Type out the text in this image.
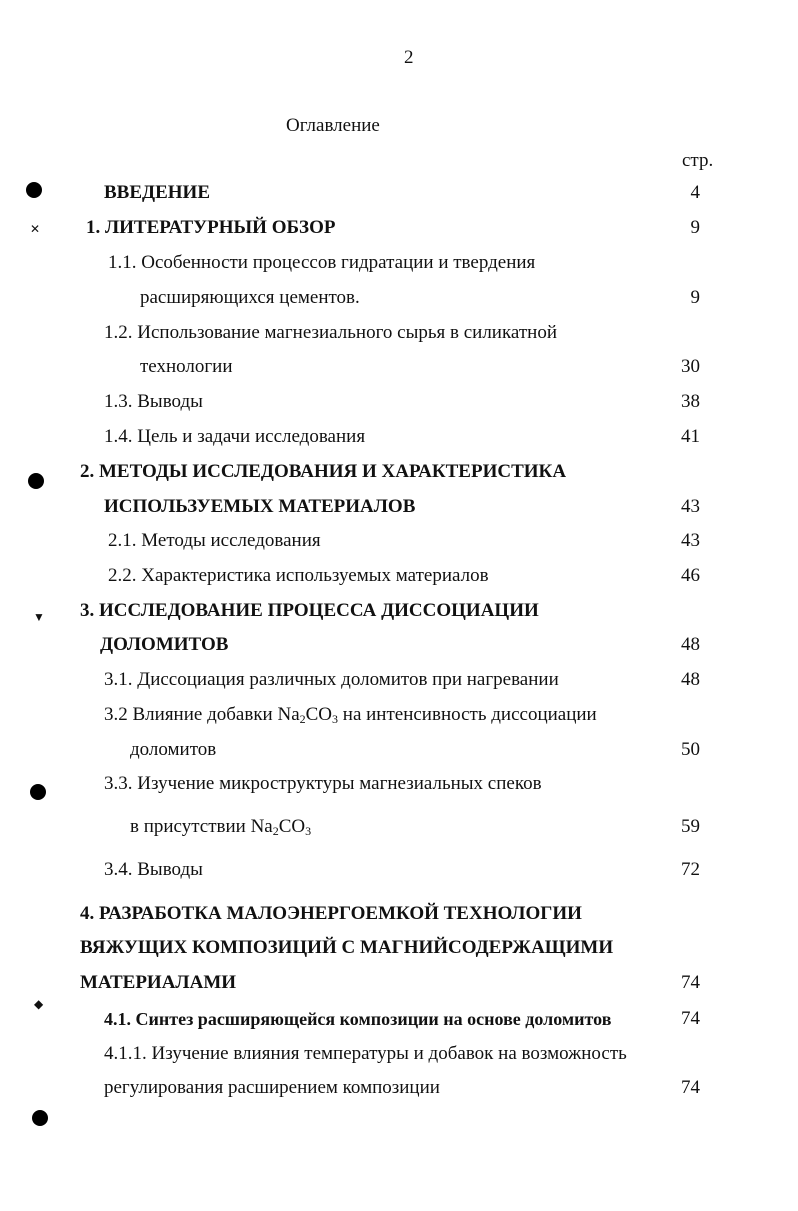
2
Оглавление
стр.
✕
▼
◆
ВВЕДЕНИЕ	4
1. ЛИТЕРАТУРНЫЙ ОБЗОР	9
1.1. Особенности процессов гидратации и твердения
расширяющихся цементов.	9
1.2. Использование магнезиального сырья в силикатной
технологии	30
1.3. Выводы	38
1.4. Цель и задачи исследования	41
2. МЕТОДЫ ИССЛЕДОВАНИЯ И ХАРАКТЕРИСТИКА
ИСПОЛЬЗУЕМЫХ МАТЕРИАЛОВ	43
2.1. Методы исследования	43
2.2. Характеристика используемых материалов	46
3. ИССЛЕДОВАНИЕ ПРОЦЕССА ДИССОЦИАЦИИ
ДОЛОМИТОВ	48
3.1. Диссоциация различных доломитов при нагревании	48
3.2 Влияние добавки $Na_2CO_3$ на интенсивность диссоциации
доломитов	50
3.3. Изучение микроструктуры магнезиальных спеков
в присутствии $Na_2CO_3$	59
3.4. Выводы	72
4. РАЗРАБОТКА МАЛОЭНЕРГОЕМКОЙ ТЕХНОЛОГИИ
ВЯЖУЩИХ КОМПОЗИЦИЙ С МАГНИЙСОДЕРЖАЩИМИ
МАТЕРИАЛАМИ	74
4.1. Синтез расширяющейся композиции на основе доломитов	74
4.1.1. Изучение влияния температуры и добавок на возможность
регулирования расширением композиции	74
